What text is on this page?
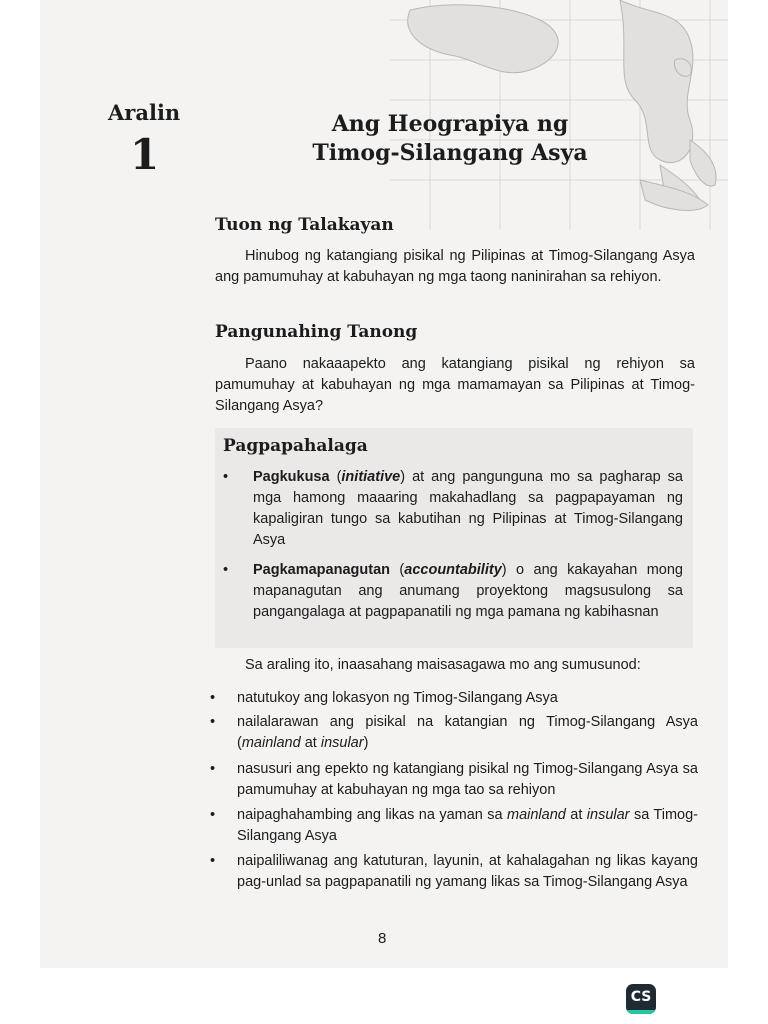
Aralin
1
Ang Heograpiya ng
Timog-Silangang Asya
Tuon ng Talakayan
Hinubog ng katangiang pisikal ng Pilipinas at Timog-Silangang Asya ang pamumuhay at kabuhayan ng mga taong naninirahan sa rehiyon.
Pangunahing Tanong
Paano nakaaapekto ang katangiang pisikal ng rehiyon sa pamumuhay at kabuhayan ng mga mamamayan sa Pilipinas at Timog-Silangang Asya?
Pagpapahalaga
•	Pagkukusa (initiative) at ang pangunguna mo sa pagharap sa mga hamong maaaring makahadlang sa pagpapayaman ng kapaligiran tungo sa kabutihan ng Pilipinas at Timog-Silangang Asya
•	Pagkamapanagutan (accountability) o ang kakayahan mong mapanagutan ang anumang proyektong magsusulong sa pangangalaga at pagpapanatili ng mga pamana ng kabihasnan
Sa araling ito, inaasahang maisasagawa mo ang sumusunod:
•	natutukoy ang lokasyon ng Timog-Silangang Asya
•	nailalarawan ang pisikal na katangian ng Timog-Silangang Asya (mainland at insular)
•	nasusuri ang epekto ng katangiang pisikal ng Timog-Silangang Asya sa pamumuhay at kabuhayan ng mga tao sa rehiyon
•	naipaghahambing ang likas na yaman sa mainland at insular sa Timog-Silangang Asya
•	naipaliliwanag ang katuturan, layunin, at kahalagahan ng likas kayang pag-unlad sa pagpapanatili ng yamang likas sa Timog-Silangang Asya
8
CS
